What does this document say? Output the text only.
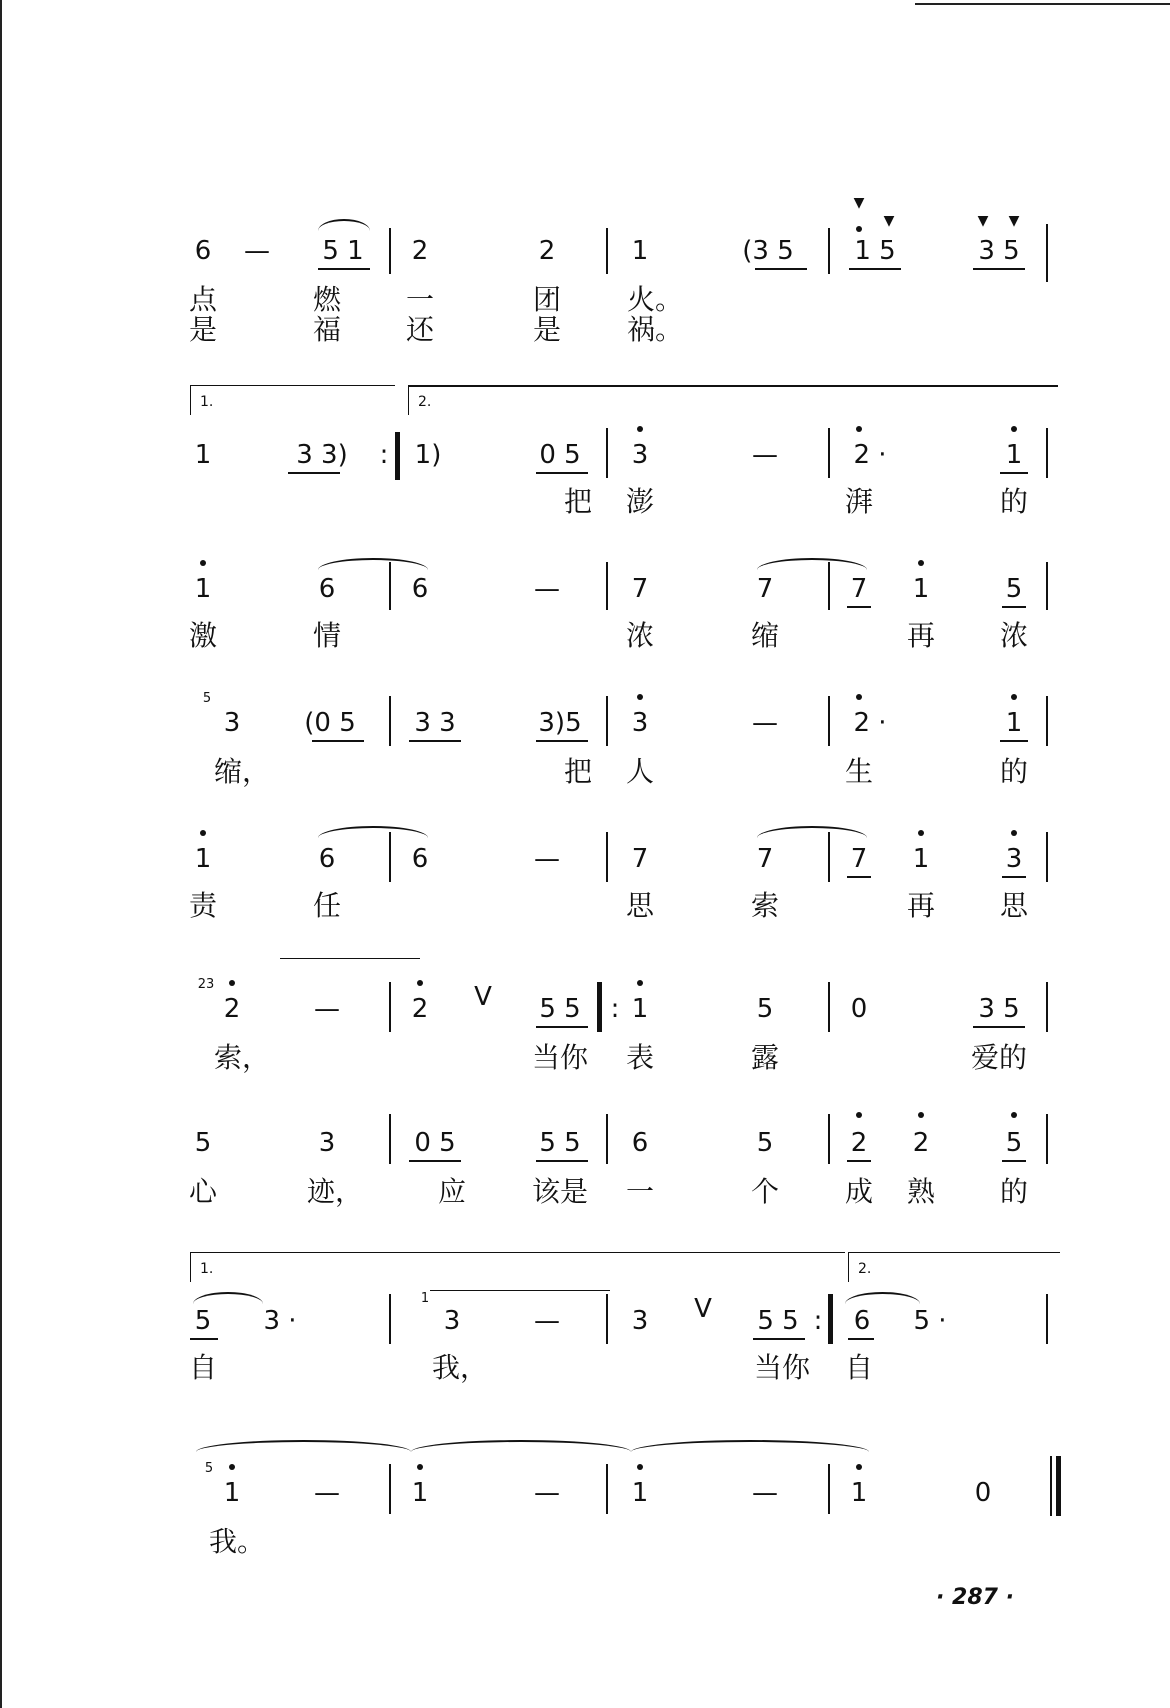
▼
▼	▼ ▼
6 — 5 1 2	2	1	(3 5 1 5	3 5
点	燃 一	团 火。
是	福 还	是 祸。
1.	2.
1	3 3) : 1)	0 5 3	—	2 ·	1
把 澎	湃	的
1	6	6	—	7	7	7 1	5
激	情	浓	缩	再 浓
5
3 (0 5 3 3	3)5 3	—	2 ·	1
缩，	把 人	生	的
1	6	6	—	7	7	7 1	3
责	任	思	索	再 思
23
2	—	2 V 5 5 : 1	5	0	3 5
索，	当你 表	露	爱的
5	3	0 5	5 5 6	5	2 2	5
心	迹，	应 该是 一	个 成 熟 的
1.	2.
1
5 3 ·	3	—	3 V 5 5 : 6 5 ·
自	我，	当你 自
5
1	—	1	—	1	—	1	0
我。
· 287 ·
